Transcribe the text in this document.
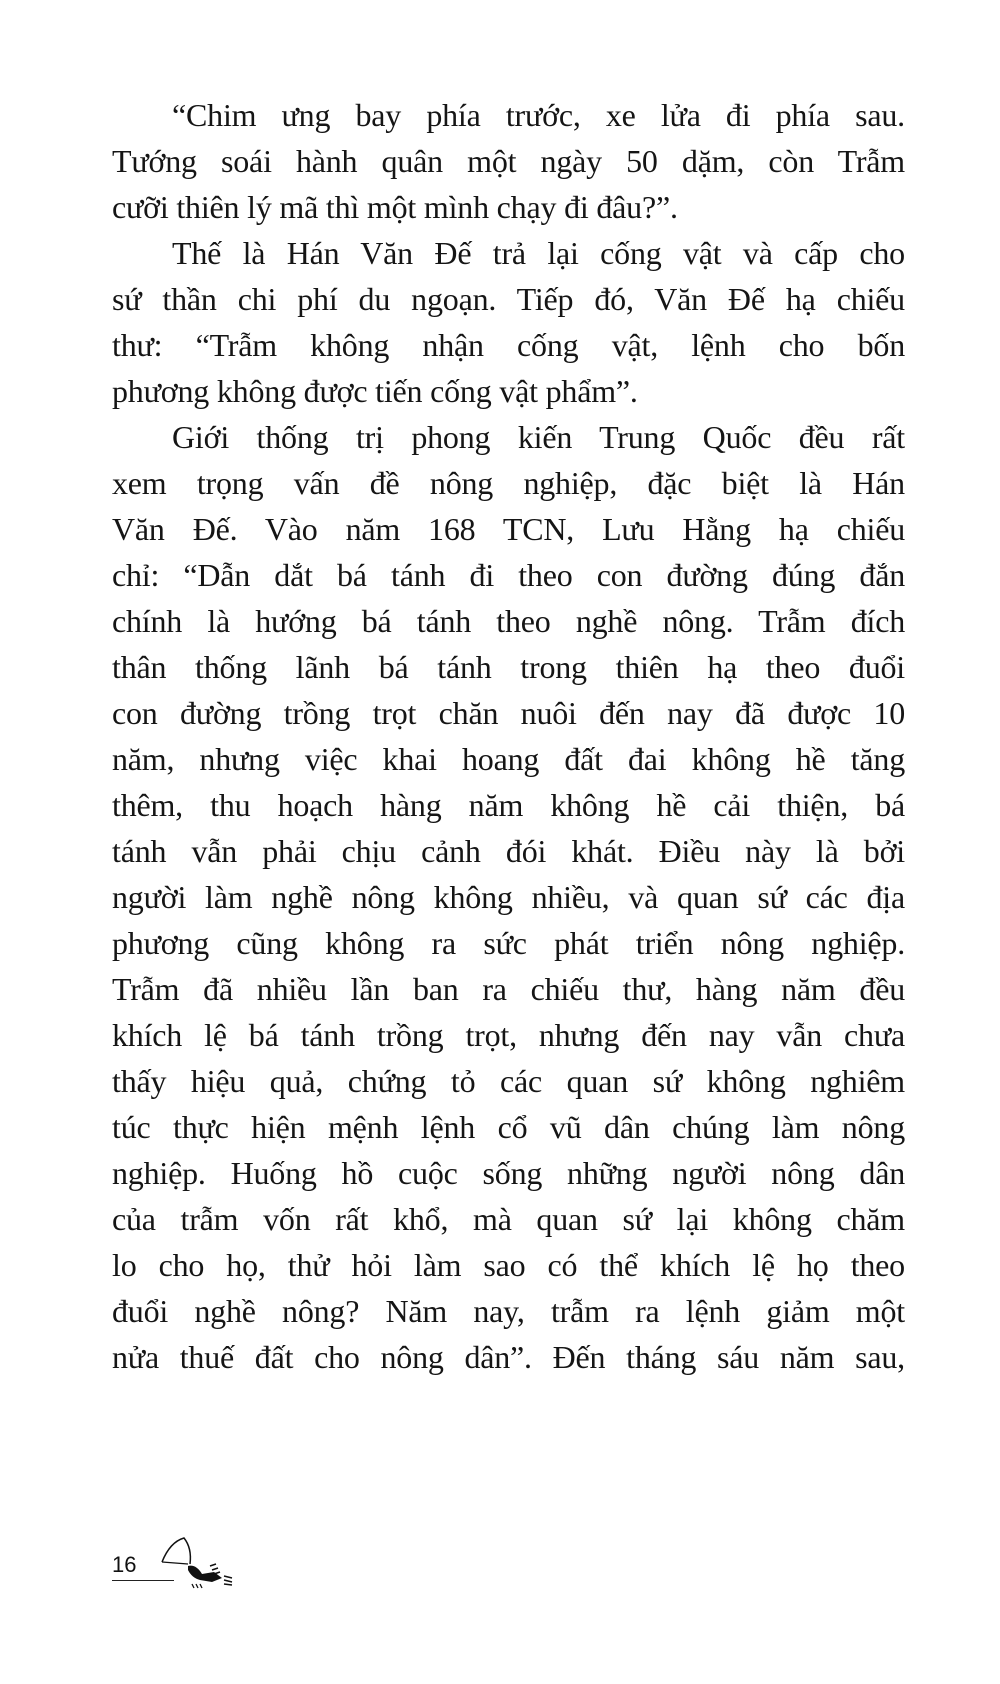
“Chim ưng bay phía trước, xe lửa đi phía sau.
Tướng soái hành quân một ngày 50 dặm, còn Trẫm
cưỡi thiên lý mã thì một mình chạy đi đâu?”.
Thế là Hán Văn Đế trả lại cống vật và cấp cho
sứ thần chi phí du ngoạn. Tiếp đó, Văn Đế hạ chiếu
thư: “Trẫm không nhận cống vật, lệnh cho bốn
phương không được tiến cống vật phẩm”.
Giới thống trị phong kiến Trung Quốc đều rất
xem trọng vấn đề nông nghiệp, đặc biệt là Hán
Văn Đế. Vào năm 168 TCN, Lưu Hằng hạ chiếu
chỉ: “Dẫn dắt bá tánh đi theo con đường đúng đắn
chính là hướng bá tánh theo nghề nông. Trẫm đích
thân thống lãnh bá tánh trong thiên hạ theo đuổi
con đường trồng trọt chăn nuôi đến nay đã được 10
năm, nhưng việc khai hoang đất đai không hề tăng
thêm, thu hoạch hàng năm không hề cải thiện, bá
tánh vẫn phải chịu cảnh đói khát. Điều này là bởi
người làm nghề nông không nhiều, và quan sứ các địa
phương cũng không ra sức phát triển nông nghiệp.
Trẫm đã nhiều lần ban ra chiếu thư, hàng năm đều
khích lệ bá tánh trồng trọt, nhưng đến nay vẫn chưa
thấy hiệu quả, chứng tỏ các quan sứ không nghiêm
túc thực hiện mệnh lệnh cổ vũ dân chúng làm nông
nghiệp. Huống hồ cuộc sống những người nông dân
của trẫm vốn rất khổ, mà quan sứ lại không chăm
lo cho họ, thử hỏi làm sao có thể khích lệ họ theo
đuổi nghề nông? Năm nay, trẫm ra lệnh giảm một
nửa thuế đất cho nông dân”. Đến tháng sáu năm sau,
16
